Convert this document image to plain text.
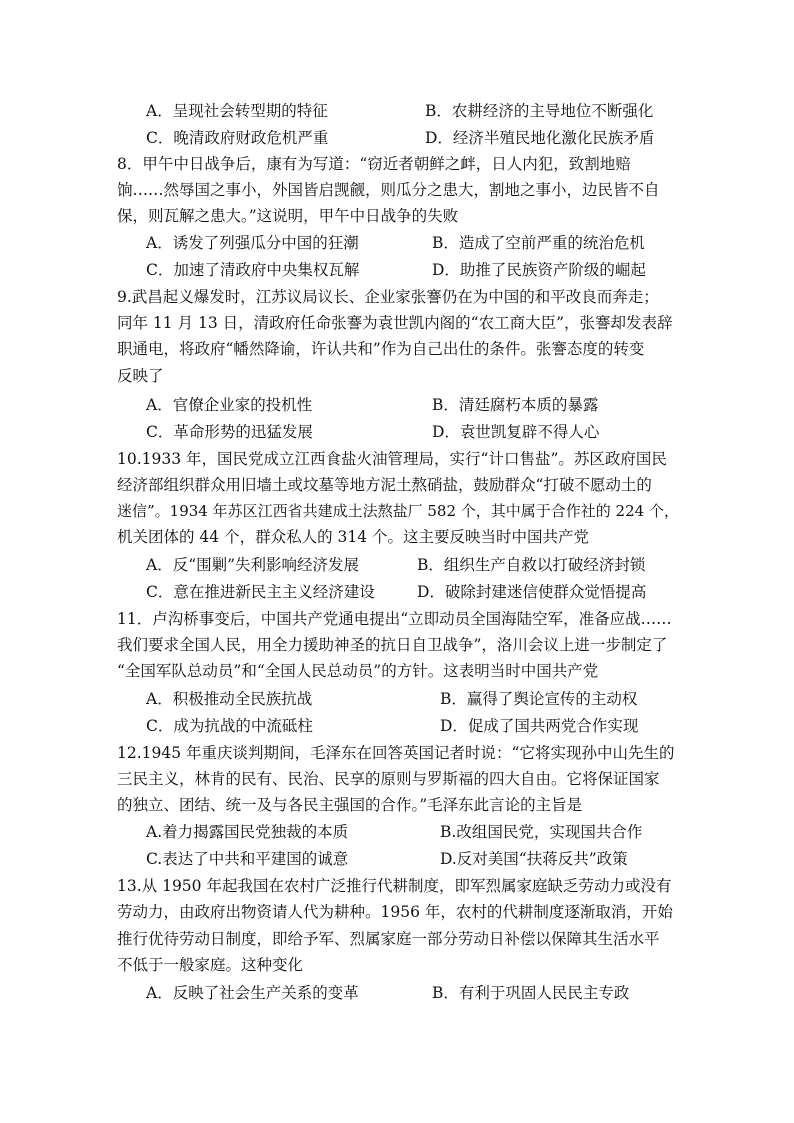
A．呈现社会转型期的特征	B．农耕经济的主导地位不断强化
C．晚清政府财政危机严重	D．经济半殖民地化激化民族矛盾
8．甲午中日战争后，康有为写道：“窃近者朝鲜之衅，日人内犯，致割地赔
饷……然辱国之事小，外国皆启觊觎，则瓜分之患大，割地之事小，边民皆不自
保，则瓦解之患大。”这说明，甲午中日战争的失败
A．诱发了列强瓜分中国的狂潮	B．造成了空前严重的统治危机
C．加速了清政府中央集权瓦解	D．助推了民族资产阶级的崛起
9.武昌起义爆发时，江苏议局议长、企业家张謇仍在为中国的和平改良而奔走；
同年 11 月 13 日，清政府任命张謇为袁世凯内阁的“农工商大臣”，张謇却发表辞
职通电，将政府“幡然降谕，许认共和”作为自己出仕的条件。张謇态度的转变
反映了
A．官僚企业家的投机性	B．清廷腐朽本质的暴露
C．革命形势的迅猛发展	D．袁世凯复辟不得人心
10.1933 年，国民党成立江西食盐火油管理局，实行“计口售盐”。苏区政府国民
经济部组织群众用旧墙土或坟墓等地方泥土熬硝盐，鼓励群众“打破不愿动土的
迷信”。1934 年苏区江西省共建成土法熬盐厂 582 个，其中属于合作社的 224 个，
机关团体的 44 个，群众私人的 314 个。这主要反映当时中国共产党
A．反“围剿”失利影响经济发展	B．组织生产自救以打破经济封锁
C．意在推进新民主主义经济建设	D．破除封建迷信使群众觉悟提高
11．卢沟桥事变后，中国共产党通电提出“立即动员全国海陆空军，准备应战……
我们要求全国人民，用全力援助神圣的抗日自卫战争”，洛川会议上进一步制定了
“全国军队总动员”和“全国人民总动员”的方针。这表明当时中国共产党
A．积极推动全民族抗战	B．赢得了舆论宣传的主动权
C．成为抗战的中流砥柱	D．促成了国共两党合作实现
12.1945 年重庆谈判期间，毛泽东在回答英国记者时说：“它将实现孙中山先生的
三民主义，林肯的民有、民治、民享的原则与罗斯福的四大自由。它将保证国家
的独立、团结、统一及与各民主强国的合作。”毛泽东此言论的主旨是
A.着力揭露国民党独裁的本质	B.改组国民党，实现国共合作
C.表达了中共和平建国的诚意	D.反对美国“扶蒋反共”政策
13.从 1950 年起我国在农村广泛推行代耕制度，即军烈属家庭缺乏劳动力或没有
劳动力，由政府出物资请人代为耕种。1956 年，农村的代耕制度逐渐取消，开始
推行优待劳动日制度，即给予军、烈属家庭一部分劳动日补偿以保障其生活水平
不低于一般家庭。这种变化
A．反映了社会生产关系的变革	B．有利于巩固人民民主专政
